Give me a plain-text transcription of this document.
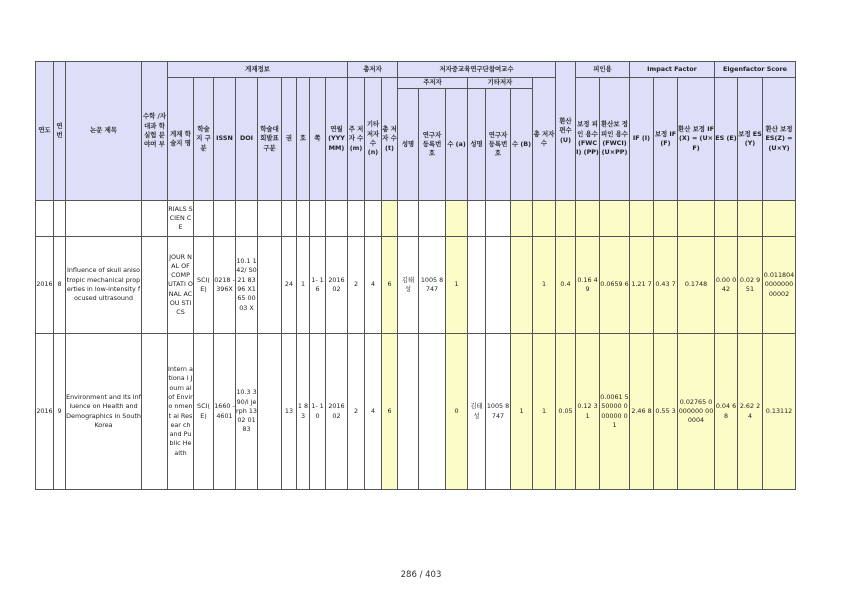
연도	연번	논문 제목	수학 /자대과 학실헙 분야여 부	게재정보									총저자			저자중교육연구단참여교수							환산 편수 (U)	피인용		Impact Factor			Eigenfactor Score		
				게재 학술지 명	학술 지 구 분	ISSN	DOI	학술대 회발표 구분	권	호	쪽	연월 (YYY MM)	주 저자 수 (m)	기타 저자 수 (n)	총 저자 수 (t)	주저자			기타저자			총 저자 수		보정 피인 용수 (FWC I) (PP)	환산보 정피인 용수 (FWCI) (U×PP)	IF (I)	보정 IF (F)	환산 보정 IF(X) = (U×F)	ES (E)	보정 ES (Y)	환산 보정 ES(Z) =(U×Y)
																성명	연구자 등록번 호	수 (a)	성명	연구자 등록번 호	수 (B)										
				RIALS SCIEN CE																											
2016	8	Influence of skull anisotropic mechanical properties in low-intensity focused ultrasound		JOUR NAL OF COMP UTATI ONAL ACOU STICS	SCI( E)	0218 - 396X	10.1 142/ S021 8396 X165 0003 X		24	1	1- 16	2016 02	2	4	6	김태 성	1005 8747	1				1	0.4	0.16 49	0.0659 6	1.21 7	0.43 7	0.1748	0.00 042	0.02 951	0.011804 0000000 00002
2016	9	Environment and Its Influence on Health and Demographics in South Korea		Intern ationa l Journ al of Enviro nment al Resear ch and Public Health	SCI( E)	1660 - 4601	10.3 390/i jerph 1302 0183		13	1 8 3	1- 10	2016 02	2	4	6			0	김태 성	1005 8747	1	1	0.05	0.12 31	0.0061 550000 000000 01	2.46 8	0.55 3	0.02765 0000000 000004	0.04 68	2.62 24	0.13112
286 / 403
